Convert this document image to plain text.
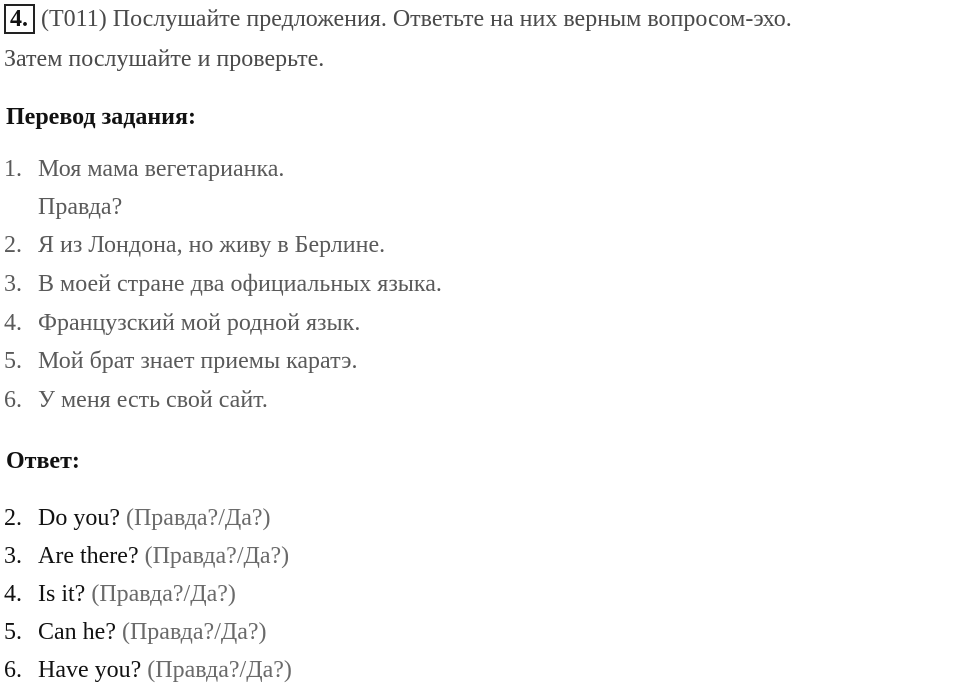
4. (T011) Послушайте предложения. Ответьте на них верным вопросом-эхо.
Затем послушайте и проверьте.
Перевод задания:
1. Моя мама вегетарианка.
Правда?
2. Я из Лондона, но живу в Берлине.
3. В моей стране два официальных языка.
4. Французский мой родной язык.
5. Мой брат знает приемы каратэ.
6. У меня есть свой сайт.
Ответ:
2. Do you? (Правда?/Да?)
3. Are there? (Правда?/Да?)
4. Is it? (Правда?/Да?)
5. Can he? (Правда?/Да?)
6. Have you? (Правда?/Да?)
